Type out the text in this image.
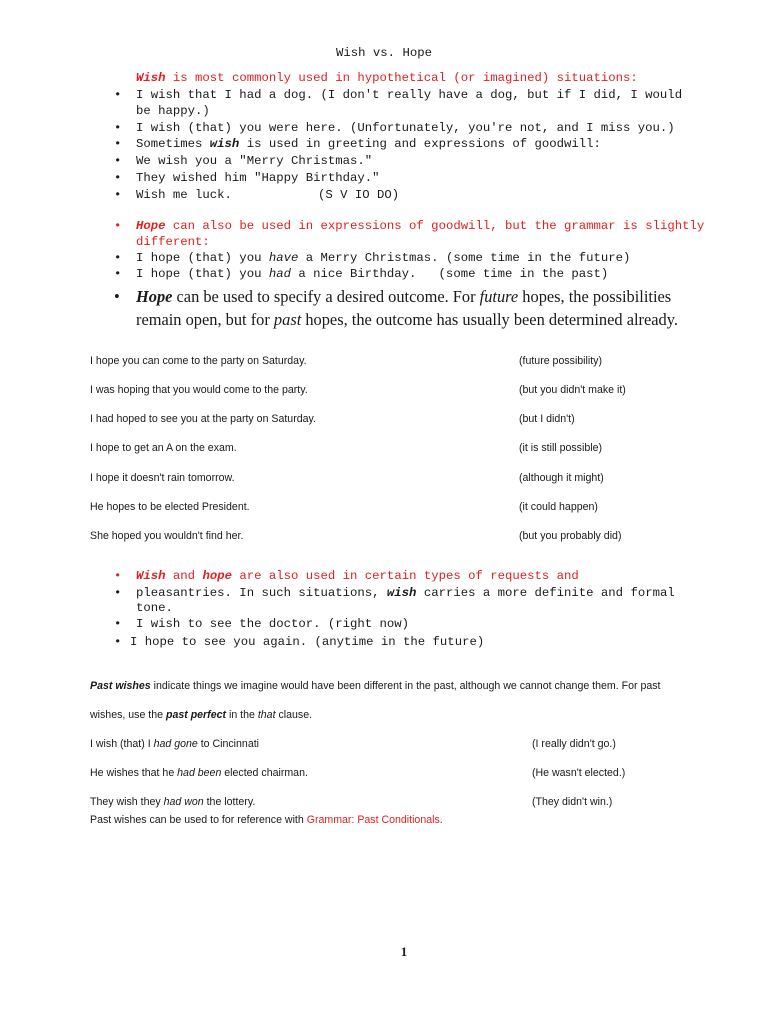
Wish vs. Hope
Wish is most commonly used in hypothetical (or imagined) situations:
• I wish that I had a dog. (I don't really have a dog, but if I did, I would
be happy.)
• I wish (that) you were here. (Unfortunately, you're not, and I miss you.)
• Sometimes wish is used in greeting and expressions of goodwill:
• We wish you a "Merry Christmas."
• They wished him "Happy Birthday."
• Wish me luck.	(S V IO DO)
• Hope can also be used in expressions of goodwill, but the grammar is slightly
different:
• I hope (that) you have a Merry Christmas. (some time in the future)
• I hope (that) you had a nice Birthday.   (some time in the past)
• Hope can be used to specify a desired outcome. For future hopes, the possibilities
remain open, but for past hopes, the outcome has usually been determined already.
I hope you can come to the party on Saturday.	(future possibility)
I was hoping that you would come to the party.	(but you didn't make it)
I had hoped to see you at the party on Saturday.	(but I didn't)
I hope to get an A on the exam.	(it is still possible)
I hope it doesn't rain tomorrow.	(although it might)
He hopes to be elected President.	(it could happen)
She hoped you wouldn't find her.	(but you probably did)
• Wish and hope are also used in certain types of requests and
• pleasantries. In such situations, wish carries a more definite and formal
tone.
• I wish to see the doctor. (right now)
• I hope to see you again. (anytime in the future)
Past wishes indicate things we imagine would have been different in the past, although we cannot change them. For past
wishes, use the past perfect in the that clause.
I wish (that) I had gone to Cincinnati	(I really didn't go.)
He wishes that he had been elected chairman.	(He wasn't elected.)
They wish they had won the lottery.	(They didn't win.)
Past wishes can be used to for reference with Grammar: Past Conditionals.
1
